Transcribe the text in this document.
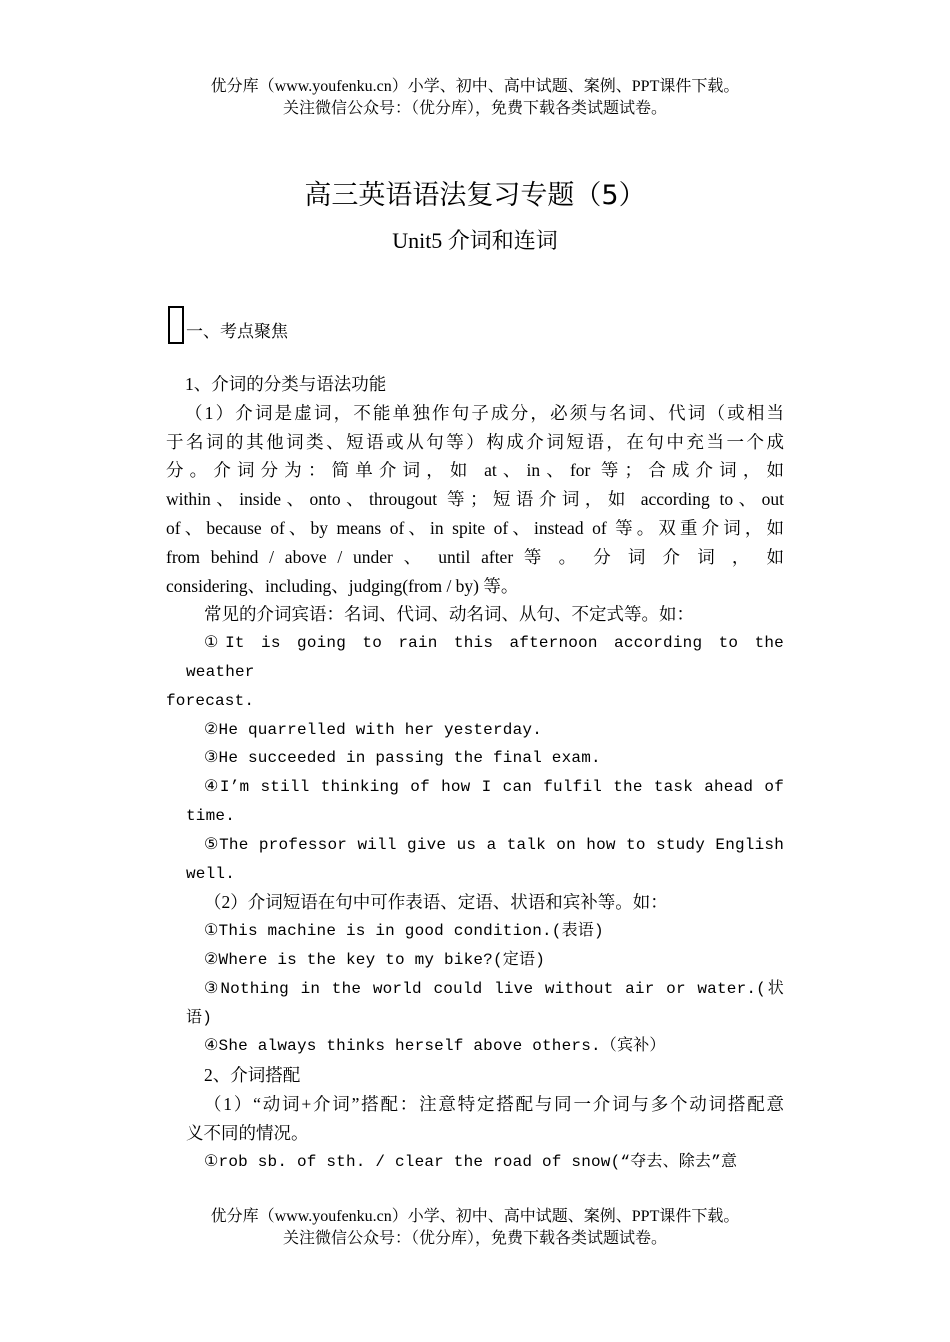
优分库（www.youfenku.cn）小学、初中、高中试题、案例、PPT课件下载。
关注微信公众号：（优分库），免费下载各类试题试卷。
高三英语语法复习专题（5）
Unit5 介词和连词
一、考点聚焦
1、介词的分类与语法功能
（1）介词是虚词，不能单独作句子成分，必须与名词、代词（或相当
于名词的其他词类、短语或从句等）构成介词短语，在句中充当一个成
分。介词分为：简单介词，如 at、in、for 等；合成介词，如
within、inside、onto、througout 等；短语介词，如 according to、out
of、because of、by means of、in spite of、instead of 等。双重介词，如
from behind / above / under 、 until after 等 。 分 词 介 词 ， 如
considering、including、judging(from / by) 等。
常见的介词宾语：名词、代词、动名词、从句、不定式等。如：
①It is going to rain this afternoon according to the
weather
forecast.
②He quarrelled with her yesterday.
③He succeeded in passing the final exam.
④I’m still thinking of how I can fulfil the task ahead of
time.
⑤The professor will give us a talk on how to study English
well.
（2）介词短语在句中可作表语、定语、状语和宾补等。如：
①This machine is in good condition.(表语)
②Where is the key to my bike?(定语)
③Nothing in the world could live without air or water.(状
语)
④She always thinks herself above others.（宾补）
2、介词搭配
（1）“动词+介词”搭配：注意特定搭配与同一介词与多个动词搭配意
义不同的情况。
①rob sb. of sth. / clear the road of snow(“夺去、除去”意
优分库（www.youfenku.cn）小学、初中、高中试题、案例、PPT课件下载。
关注微信公众号：（优分库），免费下载各类试题试卷。
